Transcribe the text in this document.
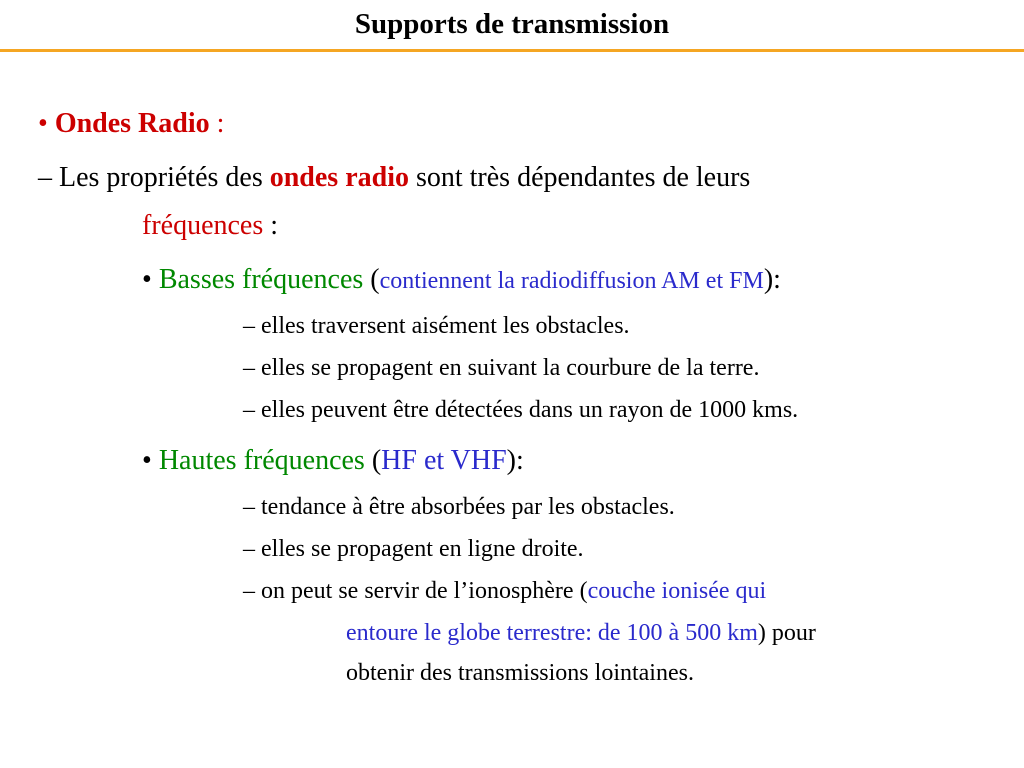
Supports de transmission
• Ondes Radio :
– Les propriétés des ondes radio sont très dépendantes de leurs
fréquences :
• Basses fréquences (contiennent la radiodiffusion AM et FM):
– elles traversent aisément les obstacles.
– elles se propagent en suivant la courbure de la terre.
– elles peuvent être détectées dans un rayon de 1000 kms.
• Hautes fréquences (HF et VHF):
– tendance à être absorbées par les obstacles.
– elles se propagent en ligne droite.
– on peut se servir de l’ionosphère (couche ionisée qui
entoure le globe terrestre: de 100 à 500 km) pour
obtenir des transmissions lointaines.
